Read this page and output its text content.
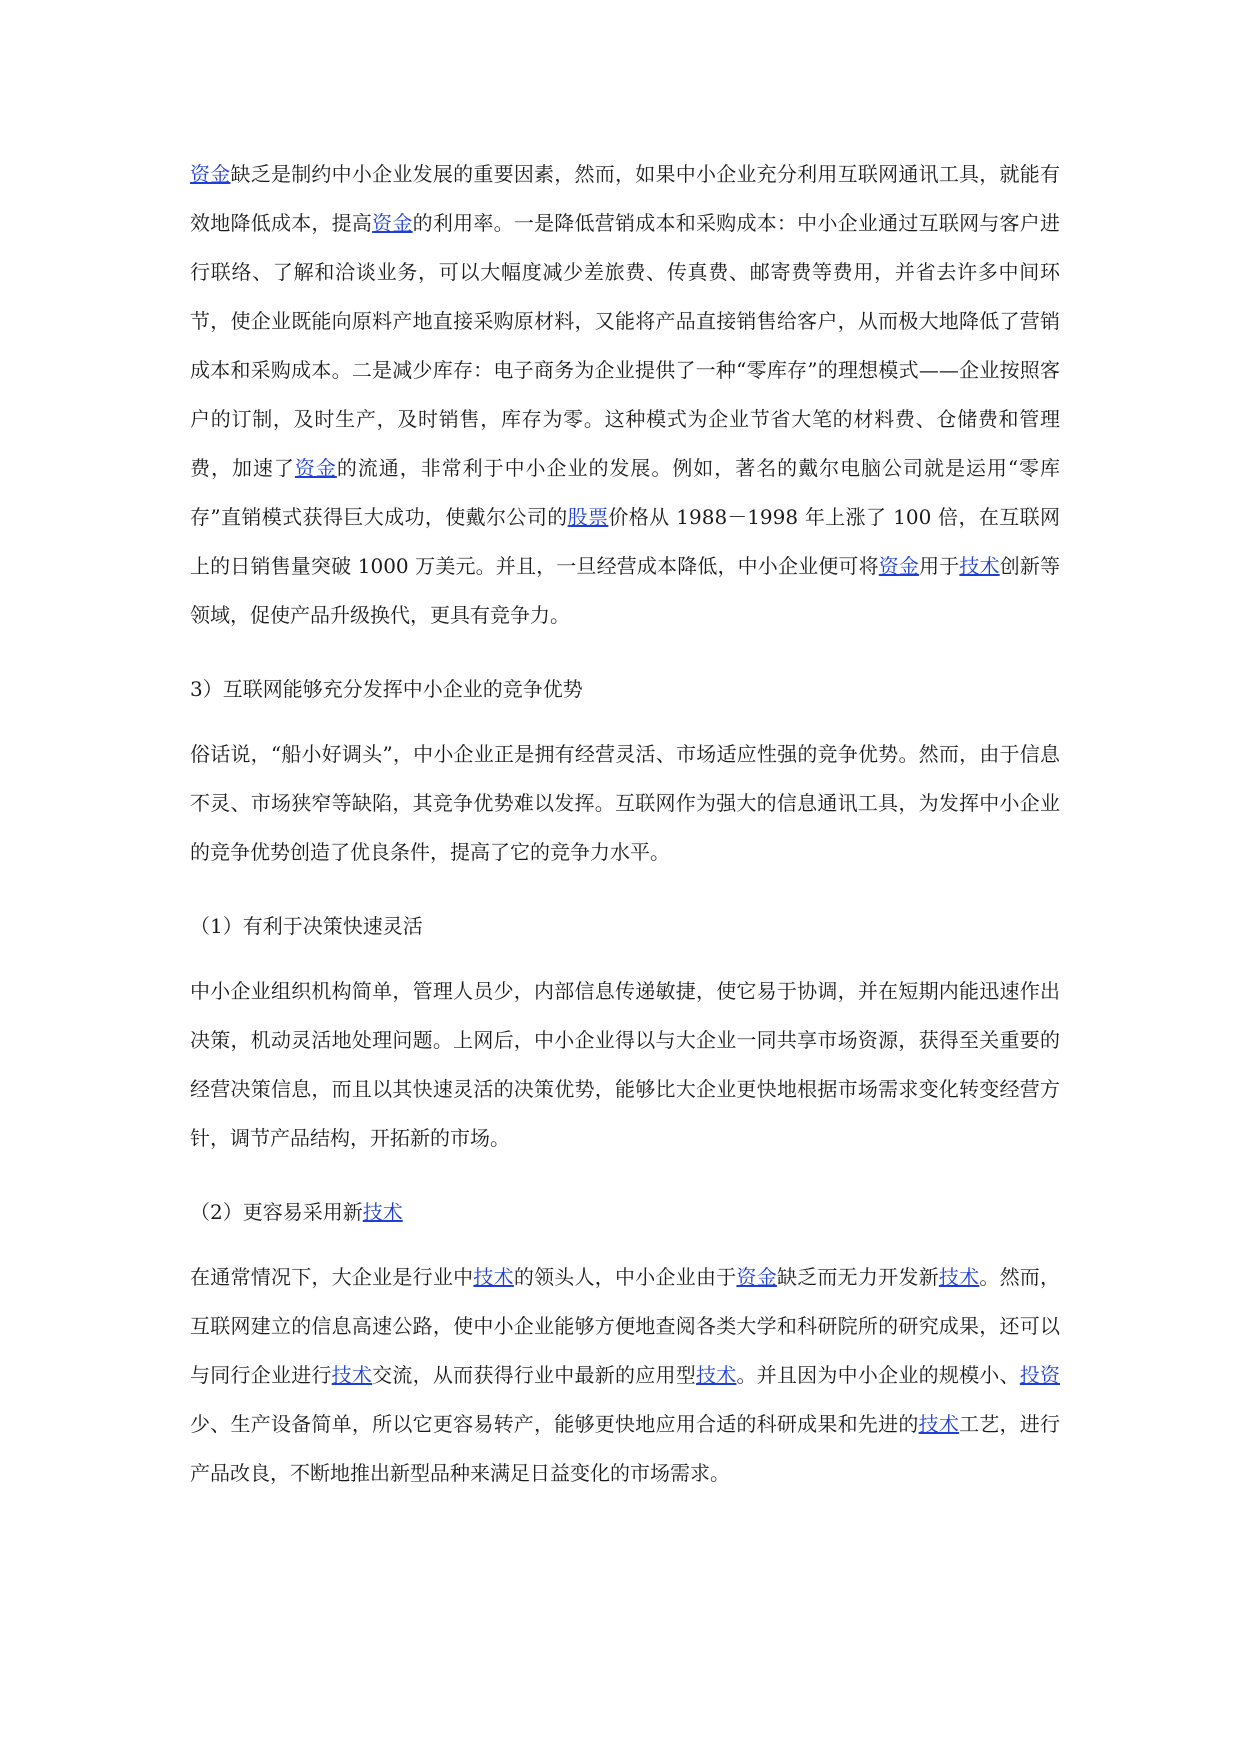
资金缺乏是制约中小企业发展的重要因素，然而，如果中小企业充分利用互联网通讯工具，就能有效地降低成本，提高资金的利用率。一是降低营销成本和采购成本：中小企业通过互联网与客户进行联络、了解和洽谈业务，可以大幅度减少差旅费、传真费、邮寄费等费用，并省去许多中间环节，使企业既能向原料产地直接采购原材料，又能将产品直接销售给客户，从而极大地降低了营销成本和采购成本。二是减少库存：电子商务为企业提供了一种“零库存”的理想模式——企业按照客户的订制，及时生产，及时销售，库存为零。这种模式为企业节省大笔的材料费、仓储费和管理费，加速了资金的流通，非常利于中小企业的发展。例如，著名的戴尔电脑公司就是运用“零库存”直销模式获得巨大成功，使戴尔公司的股票价格从 1988－1998 年上涨了 100 倍，在互联网上的日销售量突破 1000 万美元。并且，一旦经营成本降低，中小企业便可将资金用于技术创新等领域，促使产品升级换代，更具有竞争力。

3）互联网能够充分发挥中小企业的竞争优势

俗话说，“船小好调头”，中小企业正是拥有经营灵活、市场适应性强的竞争优势。然而，由于信息不灵、市场狭窄等缺陷，其竞争优势难以发挥。互联网作为强大的信息通讯工具，为发挥中小企业的竞争优势创造了优良条件，提高了它的竞争力水平。

（1）有利于决策快速灵活

中小企业组织机构简单，管理人员少，内部信息传递敏捷，使它易于协调，并在短期内能迅速作出决策，机动灵活地处理问题。上网后，中小企业得以与大企业一同共享市场资源，获得至关重要的经营决策信息，而且以其快速灵活的决策优势，能够比大企业更快地根据市场需求变化转变经营方针，调节产品结构，开拓新的市场。

（2）更容易采用新技术

在通常情况下，大企业是行业中技术的领头人，中小企业由于资金缺乏而无力开发新技术。然而，互联网建立的信息高速公路，使中小企业能够方便地查阅各类大学和科研院所的研究成果，还可以与同行企业进行技术交流，从而获得行业中最新的应用型技术。并且因为中小企业的规模小、投资少、生产设备简单，所以它更容易转产，能够更快地应用合适的科研成果和先进的技术工艺，进行产品改良，不断地推出新型品种来满足日益变化的市场需求。
